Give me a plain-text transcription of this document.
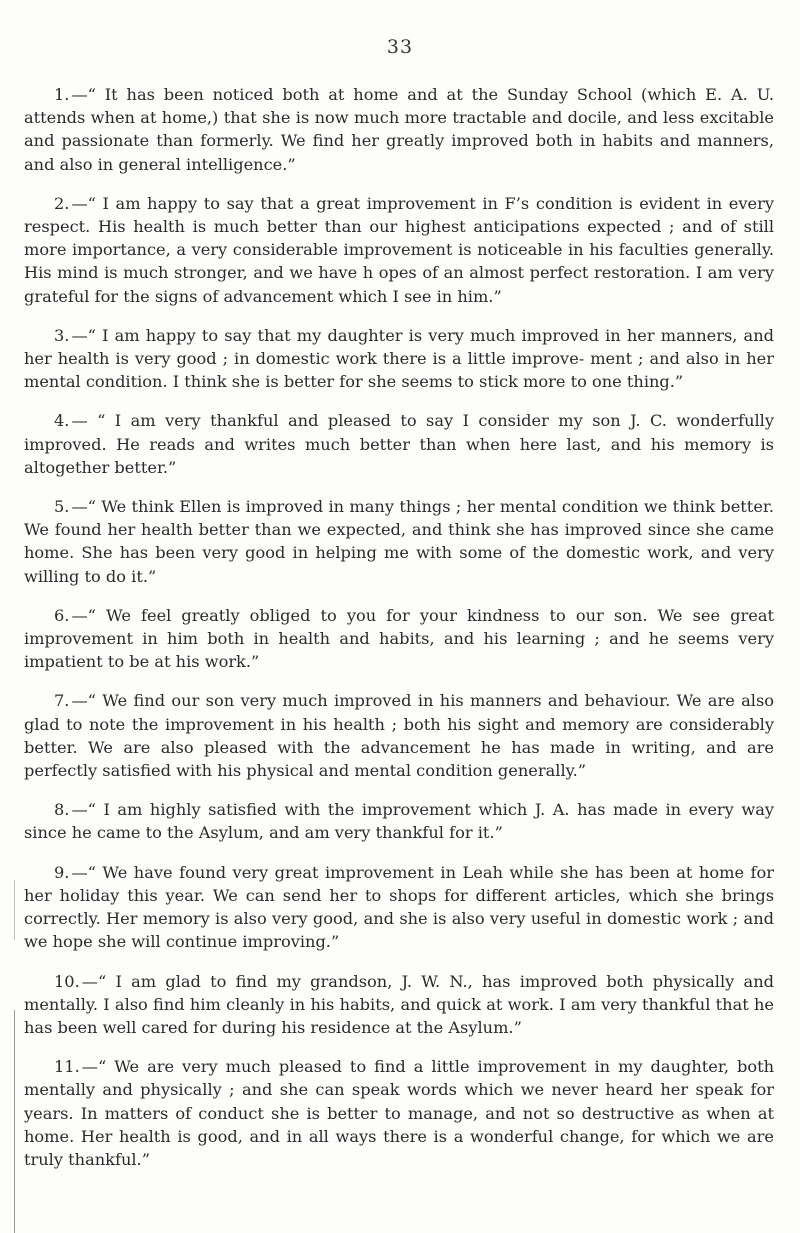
33

1. —“ It has been noticed both at home and at the Sunday School (which E. A. U. attends when at home,) that she is now much more tractable and docile, and less excitable and passionate than formerly. We find her greatly improved both in habits and manners, and also in general intelligence.”

2. —“ I am happy to say that a great improvement in F’s condition is evident in every respect. His health is much better than our highest anticipations expected ; and of still more importance, a very considerable improvement is noticeable in his faculties generally. His mind is much stronger, and we have h opes of an almost perfect restoration. I am very grateful for the signs of advancement which I see in him.”

3. —“ I am happy to say that my daughter is very much improved in her manners, and her health is very good ; in domestic work there is a little improve- ment ; and also in her mental condition. I think she is better for she seems to stick more to one thing.”

4. — “ I am very thankful and pleased to say I consider my son J. C. wonderfully improved. He reads and writes much better than when here last, and his memory is altogether better.”

5. —“ We think Ellen is improved in many things ; her mental condition we think better. We found her health better than we expected, and think she has improved since she came home. She has been very good in helping me with some of the domestic work, and very willing to do it.”

6. —“ We feel greatly obliged to you for your kindness to our son. We see great improvement in him both in health and habits, and his learning ; and he seems very impatient to be at his work.”

7. —“ We find our son very much improved in his manners and behaviour. We are also glad to note the improvement in his health ; both his sight and memory are considerably better. We are also pleased with the advancement he has made in writing, and are perfectly satisfied with his physical and mental condition generally.”

8. —“ I am highly satisfied with the improvement which J. A. has made in every way since he came to the Asylum, and am very thankful for it.”

9. —“ We have found very great improvement in Leah while she has been at home for her holiday this year. We can send her to shops for different articles, which she brings correctly. Her memory is also very good, and she is also very useful in domestic work ; and we hope she will continue improving.”

10. —“ I am glad to find my grandson, J. W. N., has improved both physically and mentally. I also find him cleanly in his habits, and quick at work. I am very thankful that he has been well cared for during his residence at the Asylum.”

11. —“ We are very much pleased to find a little improvement in my daughter, both mentally and physically ; and she can speak words which we never heard her speak for years. In matters of conduct she is better to manage, and not so destructive as when at home. Her health is good, and in all ways there is a wonderful change, for which we are truly thankful.”
